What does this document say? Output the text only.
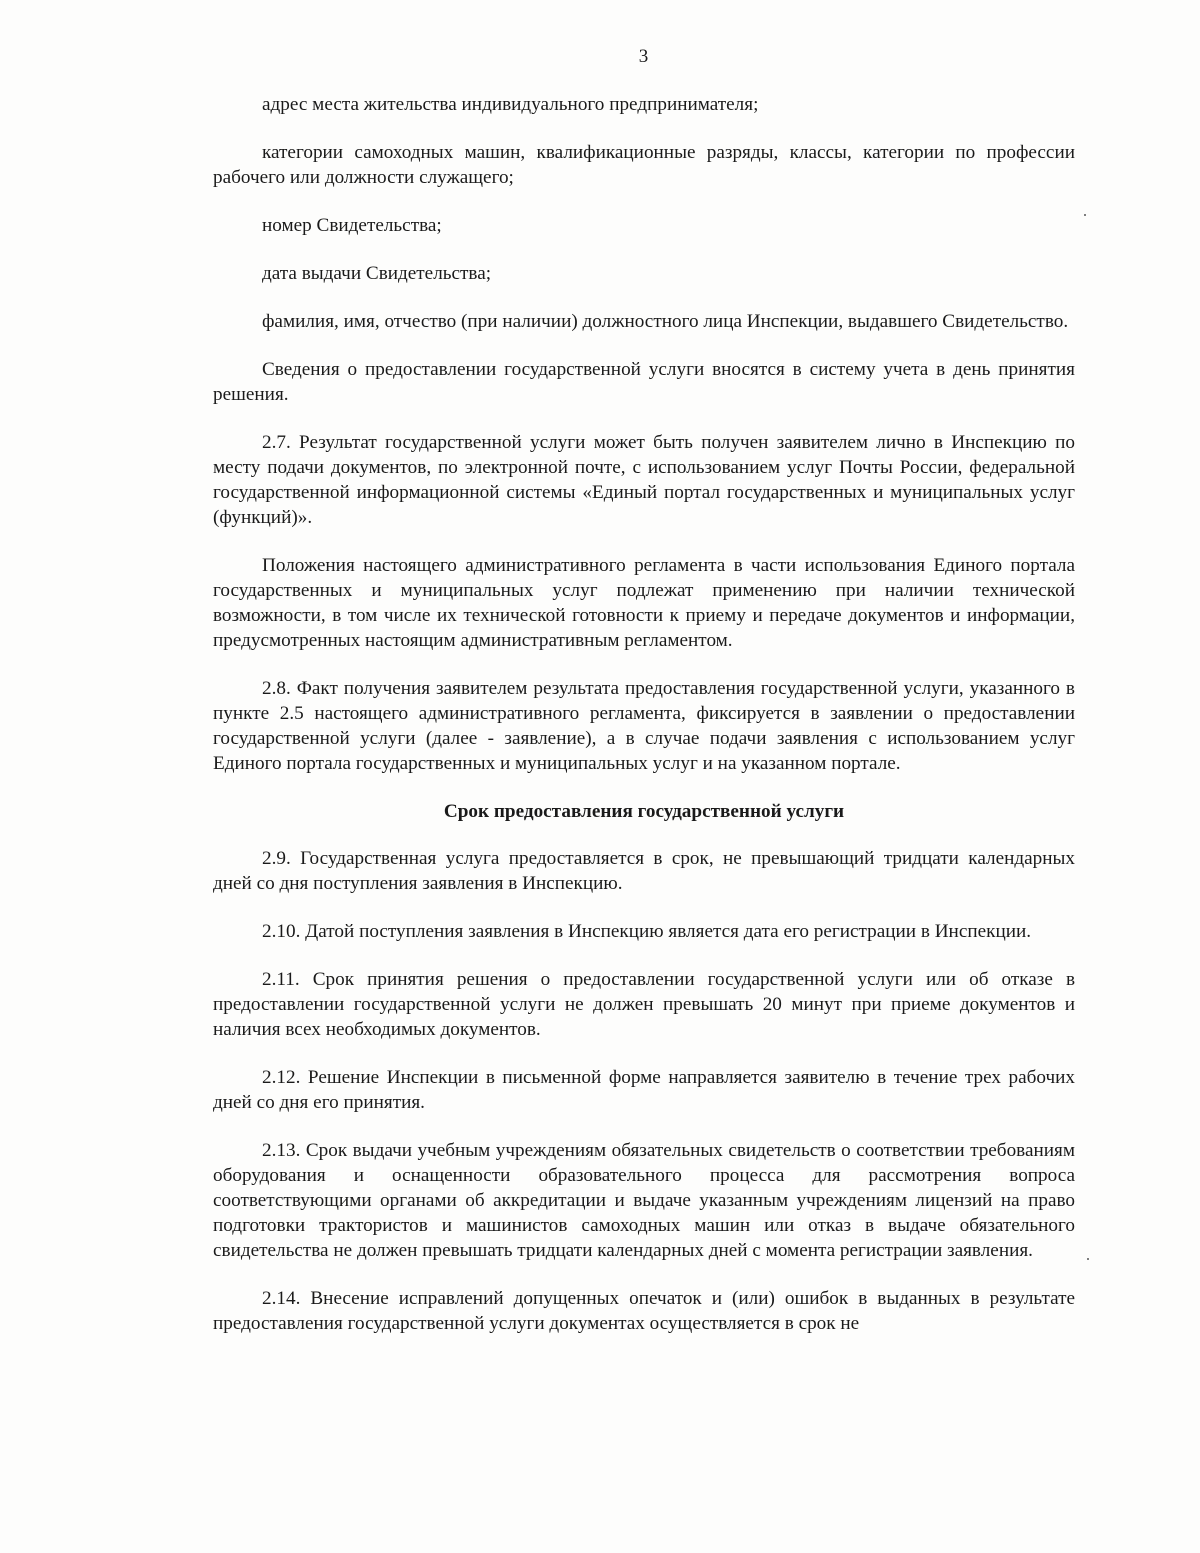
3

адрес места жительства индивидуального предпринимателя;

категории самоходных машин, квалификационные разряды, классы, категории по профессии рабочего или должности служащего;

номер Свидетельства;

дата выдачи Свидетельства;

фамилия, имя, отчество (при наличии) должностного лица Инспекции, выдавшего Свидетельство.

Сведения о предоставлении государственной услуги вносятся в систему учета в день принятия решения.

2.7. Результат государственной услуги может быть получен заявителем лично в Инспекцию по месту подачи документов, по электронной почте, с использованием услуг Почты России, федеральной государственной информационной системы «Единый портал государственных и муниципальных услуг (функций)».

Положения настоящего административного регламента в части использования Единого портала государственных и муниципальных услуг подлежат применению при наличии технической возможности, в том числе их технической готовности к приему и передаче документов и информации, предусмотренных настоящим административным регламентом.

2.8. Факт получения заявителем результата предоставления государственной услуги, указанного в пункте 2.5 настоящего административного регламента, фиксируется в заявлении о предоставлении государственной услуги (далее - заявление), а в случае подачи заявления с использованием услуг Единого портала государственных и муниципальных услуг и на указанном портале.

Срок предоставления государственной услуги

2.9. Государственная услуга предоставляется в срок, не превышающий тридцати календарных дней со дня поступления заявления в Инспекцию.

2.10. Датой поступления заявления в Инспекцию является дата его регистрации в Инспекции.

2.11. Срок принятия решения о предоставлении государственной услуги или об отказе в предоставлении государственной услуги не должен превышать 20 минут при приеме документов и наличия всех необходимых документов.

2.12. Решение Инспекции в письменной форме направляется заявителю в течение трех рабочих дней со дня его принятия.

2.13. Срок выдачи учебным учреждениям обязательных свидетельств о соответствии требованиям оборудования и оснащенности образовательного процесса для рассмотрения вопроса соответствующими органами об аккредитации и выдаче указанным учреждениям лицензий на право подготовки трактористов и машинистов самоходных машин или отказ в выдаче обязательного свидетельства не должен превышать тридцати календарных дней с момента регистрации заявления.

2.14. Внесение исправлений допущенных опечаток и (или) ошибок в выданных в результате предоставления государственной услуги документах осуществляется в срок не
